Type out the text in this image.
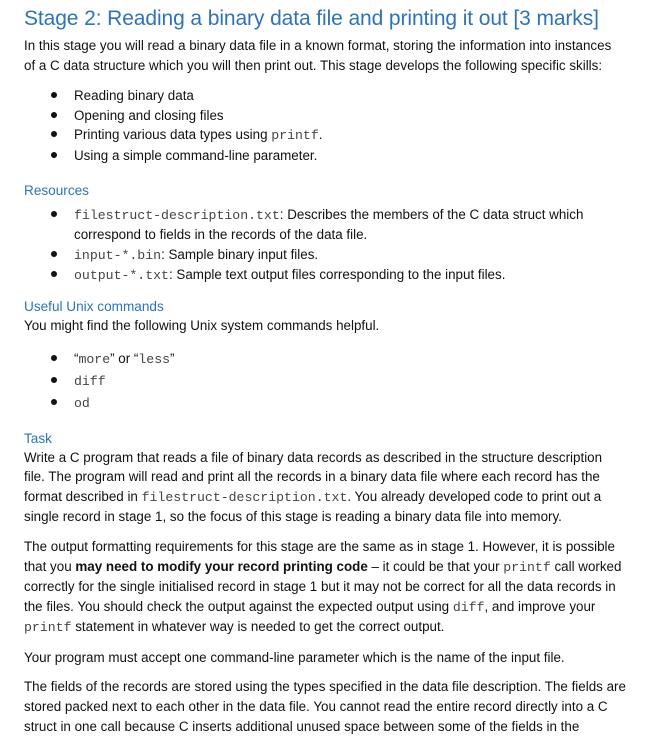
Stage 2: Reading a binary data file and printing it out [3 marks]

In this stage you will read a binary data file in a known format, storing the information into instances of a C data structure which you will then print out. This stage develops the following specific skills:

Reading binary data
Opening and closing files
Printing various data types using printf.
Using a simple command-line parameter.
Resources
filestruct-description.txt: Describes the members of the C data struct which correspond to fields in the records of the data file.
input-*.bin: Sample binary input files.
output-*.txt: Sample text output files corresponding to the input files.
Useful Unix commands

You might find the following Unix system commands helpful.

“more” or “less”
diff
od
Task

Write a C program that reads a file of binary data records as described in the structure description file. The program will read and print all the records in a binary data file where each record has the format described in filestruct-description.txt. You already developed code to print out a single record in stage 1, so the focus of this stage is reading a binary data file into memory.

The output formatting requirements for this stage are the same as in stage 1. However, it is possible that you may need to modify your record printing code – it could be that your printf call worked correctly for the single initialised record in stage 1 but it may not be correct for all the data records in the files. You should check the output against the expected output using diff, and improve your printf statement in whatever way is needed to get the correct output.

Your program must accept one command-line parameter which is the name of the input file.

The fields of the records are stored using the types specified in the data file description. The fields are stored packed next to each other in the data file. You cannot read the entire record directly into a C struct in one call because C inserts additional unused space between some of the fields in the
